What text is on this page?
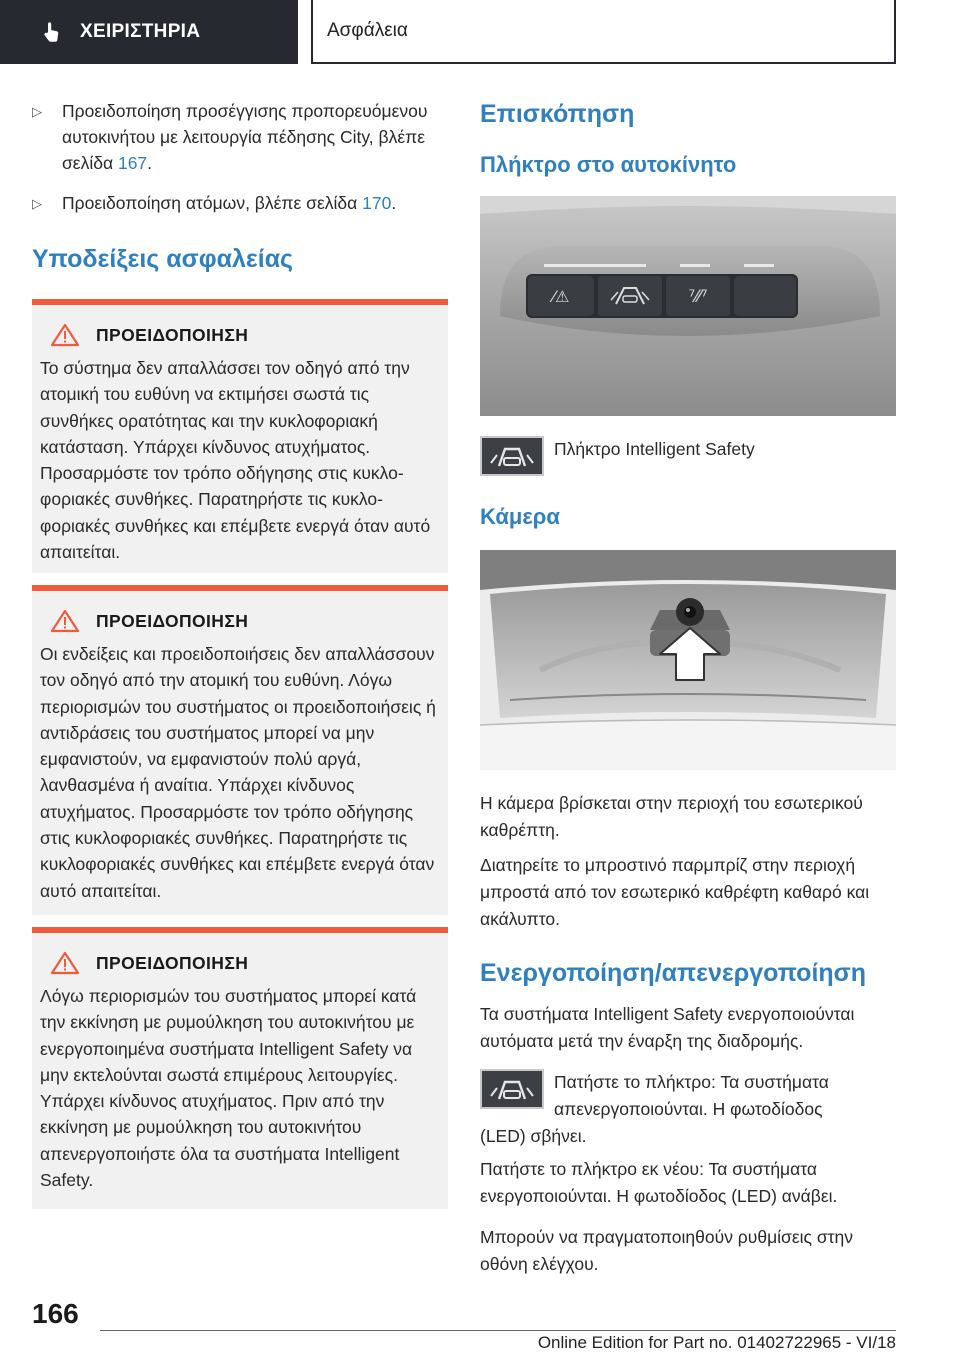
ΧΕΙΡΙΣΤΗΡΙΑ	Ασφάλεια
▷	Προειδοποίηση προσέγγισης προπορευόμενου αυτοκινήτου με λειτουργία πέδησης City, βλέπε σελίδα 167.
▷	Προειδοποίηση ατόμων, βλέπε σελίδα 170.
Υποδείξεις ασφαλείας
ΠΡΟΕΙΔΟΠΟΙΗΣΗ

Το σύστημα δεν απαλλάσσει τον οδηγό από την ατομική του ευθύνη να εκτιμήσει σωστά τις συνθήκες ορατότητας και την κυκλοφοριακή κατάσταση. Υπάρχει κίνδυνος ατυχήματος. Προσαρμόστε τον τρόπο οδήγησης στις κυκλοφοριακές συνθήκες. Παρατηρήστε τις κυκλοφοριακές συνθήκες και επέμβετε ενεργά όταν αυτό απαιτείται.

ΠΡΟΕΙΔΟΠΟΙΗΣΗ

Οι ενδείξεις και προειδοποιήσεις δεν απαλλάσσουν τον οδηγό από την ατομική του ευθύνη. Λόγω περιορισμών του συστήματος οι προειδοποιήσεις ή αντιδράσεις του συστήματος μπορεί να μην εμφανιστούν, να εμφανιστούν πολύ αργά, λανθασμένα ή αναίτια. Υπάρχει κίνδυνος ατυχήματος. Προσαρμόστε τον τρόπο οδήγησης στις κυκλοφοριακές συνθήκες. Παρατηρήστε τις κυκλοφοριακές συνθήκες και επέμβετε ενεργά όταν αυτό απαιτείται.

ΠΡΟΕΙΔΟΠΟΙΗΣΗ

Λόγω περιορισμών του συστήματος μπορεί κατά την εκκίνηση με ρυμούλκηση του αυτοκινήτου με ενεργοποιημένα συστήματα Intelligent Safety να μην εκτελούνται σωστά επιμέρους λειτουργίες. Υπάρχει κίνδυνος ατυχήματος. Πριν από την εκκίνηση με ρυμούλκηση του αυτοκινήτου απενεργοποιήστε όλα τα συστήματα Intelligent Safety.

Επισκόπηση
Πλήκτρο στο αυτοκίνητο
⁄⚠	⁷⁄⁄⁷

Πλήκτρο Intelligent Safety

Κάμερα

Η κάμερα βρίσκεται στην περιοχή του εσωτερικού καθρέπτη.

Διατηρείτε το μπροστινό παρμπρίζ στην περιοχή μπροστά από τον εσωτερικό καθρέφτη καθαρό και ακάλυπτο.

Ενεργοποίηση/απενεργοποίηση

Τα συστήματα Intelligent Safety ενεργοποιούνται αυτόματα μετά την έναρξη της διαδρομής.

Πατήστε το πλήκτρο: Τα συστήματα απενεργοποιούνται. Η φωτοδίοδος

(LED) σβήνει.

Πατήστε το πλήκτρο εκ νέου: Τα συστήματα ενεργοποιούνται. Η φωτοδίοδος (LED) ανάβει.

Μπορούν να πραγματοποιηθούν ρυθμίσεις στην οθόνη ελέγχου.

166
Online Edition for Part no. 01402722965 - VI/18
